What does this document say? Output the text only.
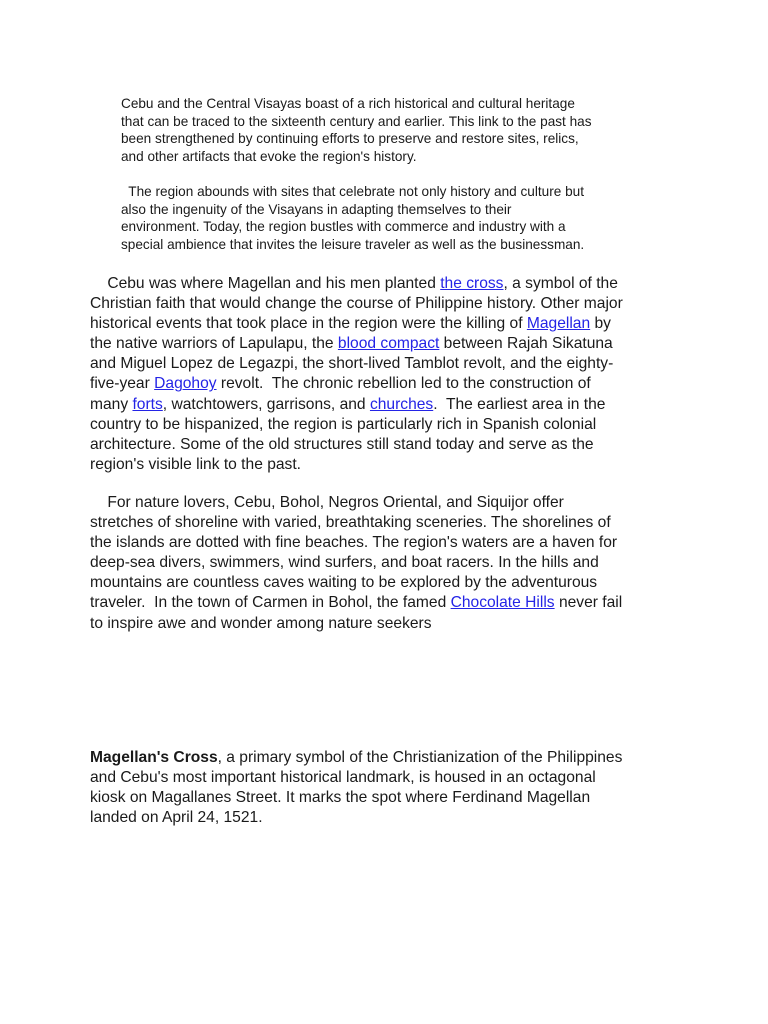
Cebu and the Central Visayas boast of a rich historical and cultural heritage
that can be traced to the sixteenth century and earlier. This link to the past has
been strengthened by continuing efforts to preserve and restore sites, relics,
and other artifacts that evoke the region's history.
The region abounds with sites that celebrate not only history and culture but
also the ingenuity of the Visayans in adapting themselves to their
environment. Today, the region bustles with commerce and industry with a
special ambience that invites the leisure traveler as well as the businessman.
Cebu was where Magellan and his men planted the cross, a symbol of the
Christian faith that would change the course of Philippine history. Other major
historical events that took place in the region were the killing of Magellan by
the native warriors of Lapulapu, the blood compact between Rajah Sikatuna
and Miguel Lopez de Legazpi, the short-lived Tamblot revolt, and the eighty-
five-year Dagohoy revolt.  The chronic rebellion led to the construction of
many forts, watchtowers, garrisons, and churches.  The earliest area in the
country to be hispanized, the region is particularly rich in Spanish colonial
architecture. Some of the old structures still stand today and serve as the
region's visible link to the past.
For nature lovers, Cebu, Bohol, Negros Oriental, and Siquijor offer
stretches of shoreline with varied, breathtaking sceneries. The shorelines of
the islands are dotted with fine beaches. The region's waters are a haven for
deep-sea divers, swimmers, wind surfers, and boat racers. In the hills and
mountains are countless caves waiting to be explored by the adventurous
traveler.  In the town of Carmen in Bohol, the famed Chocolate Hills never fail
to inspire awe and wonder among nature seekers
Magellan's Cross, a primary symbol of the Christianization of the Philippines
and Cebu's most important historical landmark, is housed in an octagonal
kiosk on Magallanes Street. It marks the spot where Ferdinand Magellan
landed on April 24, 1521.
